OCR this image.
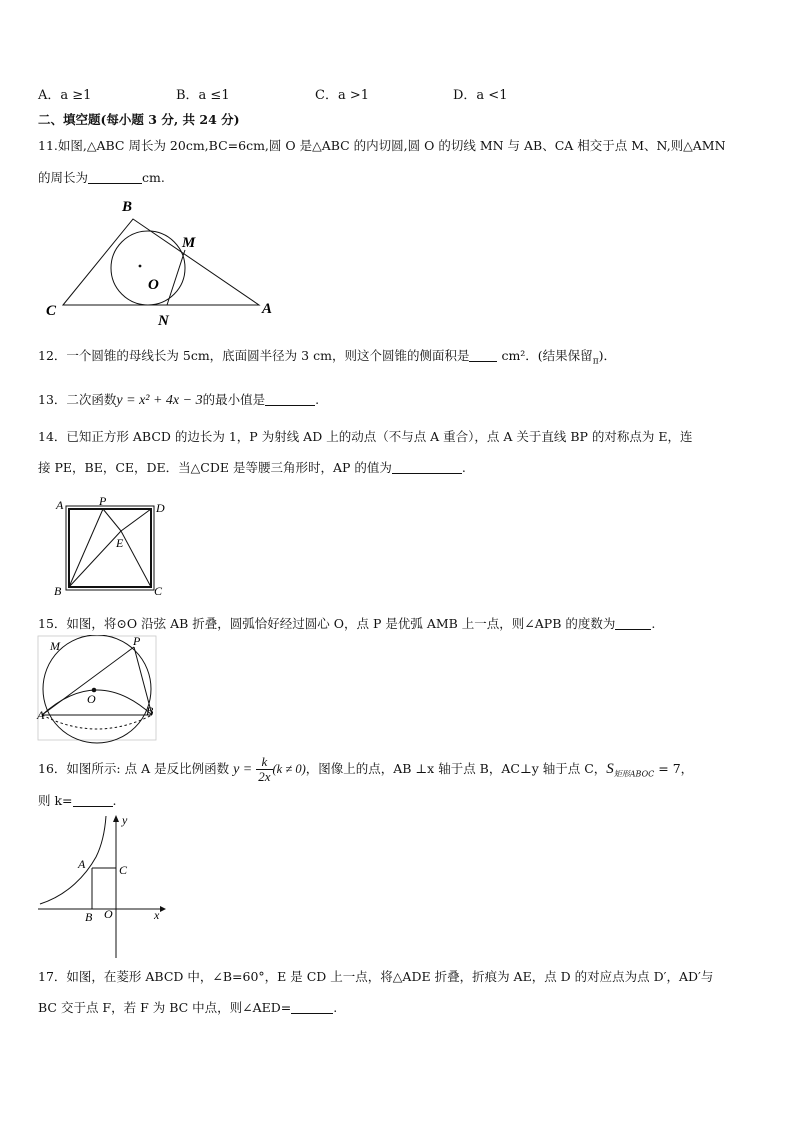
A．a ≥1	B．a ≤1	C．a >1	D．a <1
二、填空题(每小题 3 分, 共 24 分)
11.如图,△ABC 周长为 20cm,BC=6cm,圆 O 是△ABC 的内切圆,圆 O 的切线 MN 与 AB、CA 相交于点 M、N,则△AMN
的周长为	cm.
B
M
O
C
N
A
12．一个圆锥的母线长为 5cm，底面圆半径为 3 cm，则这个圆锥的侧面积是	cm²．(结果保留$_\pi$)．
13．二次函数y = x² + 4x − 3的最小值是	.
14．已知正方形 ABCD 的边长为 1，P 为射线 AD 上的动点（不与点 A 重合），点 A 关于直线 BP 的对称点为 E，连
接 PE，BE，CE，DE．当△CDE 是等腰三角形时，AP 的值为	.
A	P	D
E
B	C
15．如图，将⊙O 沿弦 AB 折叠，圆弧恰好经过圆心 O，点 P 是优弧 AMB 上一点，则∠APB 的度数为	.
M	P
O
A	B
16．如图所示: 点 A 是反比例函数 $y = \frac{k}{2x} (k \ne 0)$，图像上的点，AB ⊥x 轴于点 B，AC⊥y 轴于点 C，$S_{矩形ABOC} = 7$，
则 k=	.
y
A	C
B O	x
17．如图，在菱形 ABCD 中，∠B=60°，E 是 CD 上一点，将△ADE 折叠，折痕为 AE，点 D 的对应点为点 D′，AD′与
BC 交于点 F，若 F 为 BC 中点，则∠AED=	.
